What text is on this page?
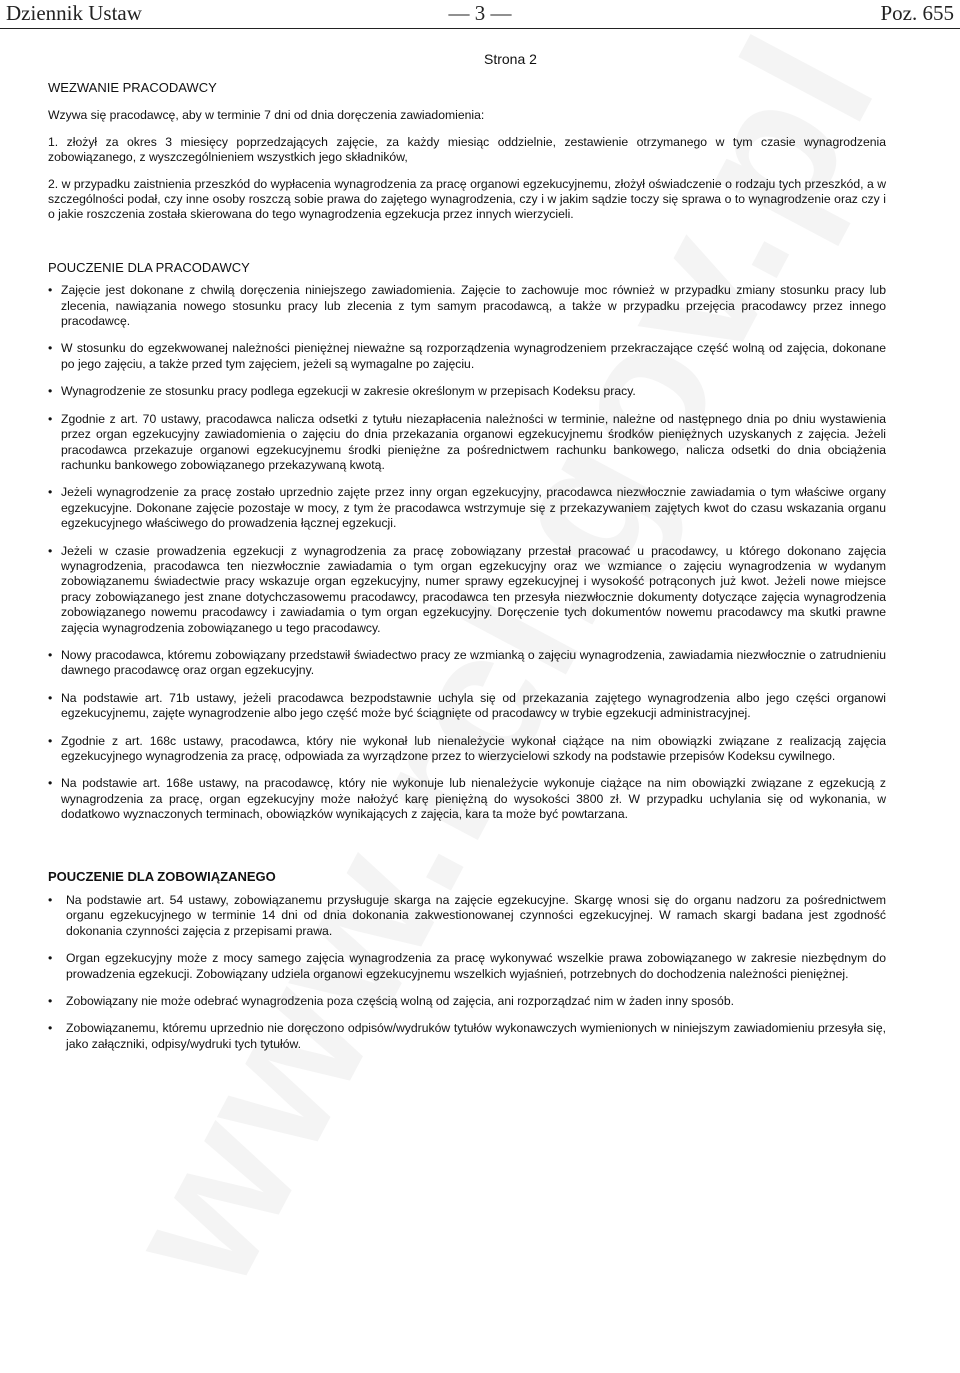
Dziennik Ustaw	— 3 —	Poz. 655
Strona 2
WEZWANIE PRACODAWCY
Wzywa się pracodawcę, aby w terminie 7 dni od dnia doręczenia zawiadomienia:
1. złożył za okres 3 miesięcy poprzedzających zajęcie, za każdy miesiąc oddzielnie, zestawienie otrzymanego w tym czasie wynagrodzenia zobowiązanego, z wyszczególnieniem wszystkich jego składników,
2. w przypadku zaistnienia przeszkód do wypłacenia wynagrodzenia za pracę organowi egzekucyjnemu, złożył oświadczenie o rodzaju tych przeszkód, a w szczególności podał, czy inne osoby roszczą sobie prawa do zajętego wynagrodzenia, czy i w jakim sądzie toczy się sprawa o to wynagrodzenie oraz czy i o jakie roszczenia została skierowana do tego wynagrodzenia egzekucja przez innych wierzycieli.
POUCZENIE DLA PRACODAWCY
• Zajęcie jest dokonane z chwilą doręczenia niniejszego zawiadomienia. Zajęcie to zachowuje moc również w przypadku zmiany stosunku pracy lub zlecenia, nawiązania nowego stosunku pracy lub zlecenia z tym samym pracodawcą, a także w przypadku przejęcia pracodawcy przez innego pracodawcę.
• W stosunku do egzekwowanej należności pieniężnej nieważne są rozporządzenia wynagrodzeniem przekraczające część wolną od zajęcia, dokonane po jego zajęciu, a także przed tym zajęciem, jeżeli są wymagalne po zajęciu.
• Wynagrodzenie ze stosunku pracy podlega egzekucji w zakresie określonym w przepisach Kodeksu pracy.
• Zgodnie z art. 70 ustawy, pracodawca nalicza odsetki z tytułu niezapłacenia należności w terminie, należne od następnego dnia po dniu wystawienia przez organ egzekucyjny zawiadomienia o zajęciu do dnia przekazania organowi egzekucyjnemu środków pieniężnych uzyskanych z zajęcia. Jeżeli pracodawca przekazuje organowi egzekucyjnemu środki pieniężne za pośrednictwem rachunku bankowego, nalicza odsetki do dnia obciążenia rachunku bankowego zobowiązanego przekazywaną kwotą.
• Jeżeli wynagrodzenie za pracę zostało uprzednio zajęte przez inny organ egzekucyjny, pracodawca niezwłocznie zawiadamia o tym właściwe organy egzekucyjne. Dokonane zajęcie pozostaje w mocy, z tym że pracodawca wstrzymuje się z przekazywaniem zajętych kwot do czasu wskazania organu egzekucyjnego właściwego do prowadzenia łącznej egzekucji.
• Jeżeli w czasie prowadzenia egzekucji z wynagrodzenia za pracę zobowiązany przestał pracować u pracodawcy, u którego dokonano zajęcia wynagrodzenia, pracodawca ten niezwłocznie zawiadamia o tym organ egzekucyjny oraz we wzmiance o zajęciu wynagrodzenia w wydanym zobowiązanemu świadectwie pracy wskazuje organ egzekucyjny, numer sprawy egzekucyjnej i wysokość potrąconych już kwot. Jeżeli nowe miejsce pracy zobowiązanego jest znane dotychczasowemu pracodawcy, pracodawca ten przesyła niezwłocznie dokumenty dotyczące zajęcia wynagrodzenia zobowiązanego nowemu pracodawcy i zawiadamia o tym organ egzekucyjny. Doręczenie tych dokumentów nowemu pracodawcy ma skutki prawne zajęcia wynagrodzenia zobowiązanego u tego pracodawcy.
• Nowy pracodawca, któremu zobowiązany przedstawił świadectwo pracy ze wzmianką o zajęciu wynagrodzenia, zawiadamia niezwłocznie o zatrudnieniu dawnego pracodawcę oraz organ egzekucyjny.
• Na podstawie art. 71b ustawy, jeżeli pracodawca bezpodstawnie uchyla się od przekazania zajętego wynagrodzenia albo jego części organowi egzekucyjnemu, zajęte wynagrodzenie albo jego część może być ściągnięte od pracodawcy w trybie egzekucji administracyjnej.
• Zgodnie z art. 168c ustawy, pracodawca, który nie wykonał lub nienależycie wykonał ciążące na nim obowiązki związane z realizacją zajęcia egzekucyjnego wynagrodzenia za pracę, odpowiada za wyrządzone przez to wierzycielowi szkody na podstawie przepisów Kodeksu cywilnego.
• Na podstawie art. 168e ustawy, na pracodawcę, który nie wykonuje lub nienależycie wykonuje ciążące na nim obowiązki związane z egzekucją z wynagrodzenia za pracę, organ egzekucyjny może nałożyć karę pieniężną do wysokości 3800 zł. W przypadku uchylania się od wykonania, w dodatkowo wyznaczonych terminach, obowiązków wynikających z zajęcia, kara ta może być powtarzana.
POUCZENIE DLA ZOBOWIĄZANEGO
• Na podstawie art. 54 ustawy, zobowiązanemu przysługuje skarga na zajęcie egzekucyjne. Skargę wnosi się do organu nadzoru za pośrednictwem organu egzekucyjnego w terminie 14 dni od dnia dokonania zakwestionowanej czynności egzekucyjnej. W ramach skargi badana jest zgodność dokonania czynności zajęcia z przepisami prawa.
• Organ egzekucyjny może z mocy samego zajęcia wynagrodzenia za pracę wykonywać wszelkie prawa zobowiązanego w zakresie niezbędnym do prowadzenia egzekucji. Zobowiązany udziela organowi egzekucyjnemu wszelkich wyjaśnień, potrzebnych do dochodzenia należności pieniężnej.
• Zobowiązany nie może odebrać wynagrodzenia poza częścią wolną od zajęcia, ani rozporządzać nim w żaden inny sposób.
• Zobowiązanemu, któremu uprzednio nie doręczono odpisów/wydruków tytułów wykonawczych wymienionych w niniejszym zawiadomieniu przesyła się, jako załączniki, odpisy/wydruki tych tytułów.
